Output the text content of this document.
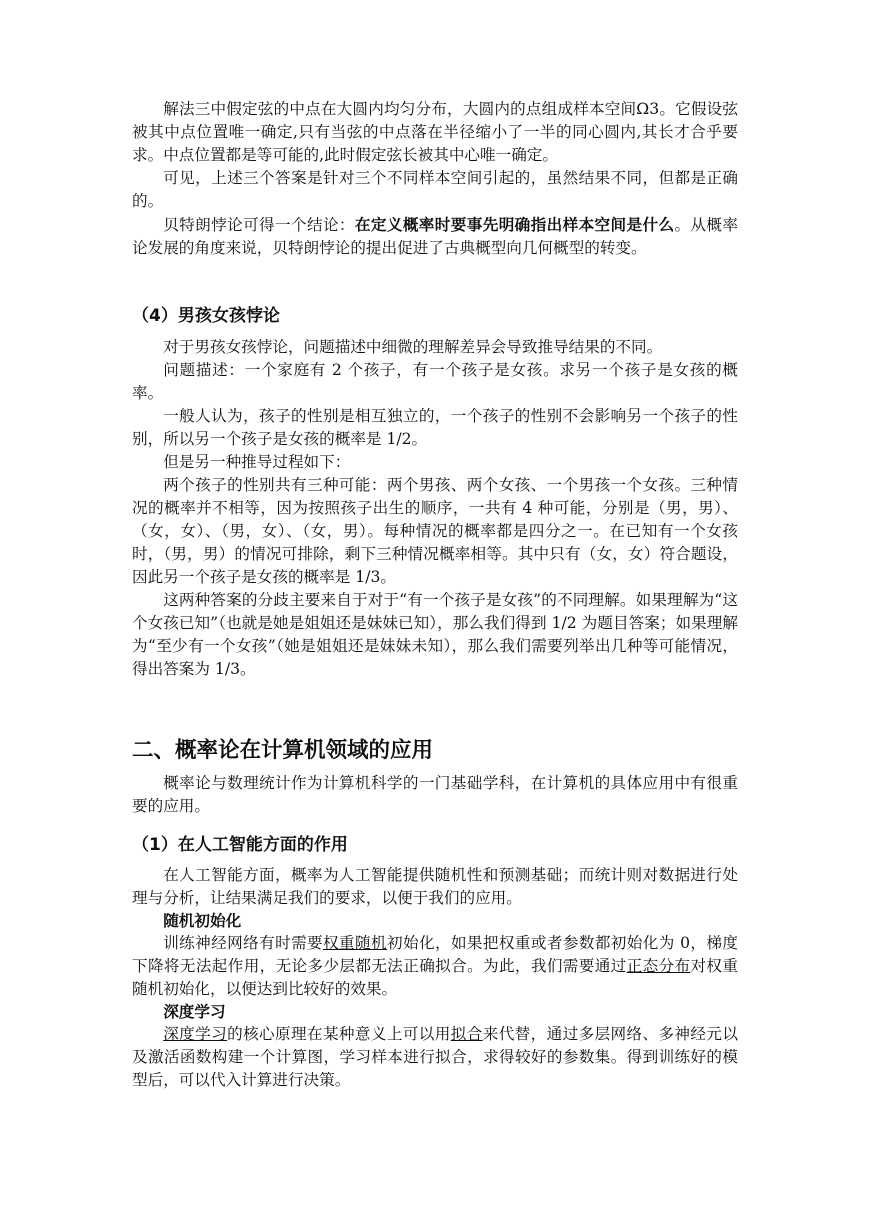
解法三中假定弦的中点在大圆内均匀分布，大圆内的点组成样本空间Ω3。它假设弦被其中点位置唯一确定,只有当弦的中点落在半径缩小了一半的同心圆内,其长才合乎要求。中点位置都是等可能的,此时假定弦长被其中心唯一确定。

可见，上述三个答案是针对三个不同样本空间引起的，虽然结果不同，但都是正确的。

贝特朗悖论可得一个结论：在定义概率时要事先明确指出样本空间是什么。从概率论发展的角度来说，贝特朗悖论的提出促进了古典概型向几何概型的转变。

（4）男孩女孩悖论

对于男孩女孩悖论，问题描述中细微的理解差异会导致推导结果的不同。

问题描述：一个家庭有 2 个孩子，有一个孩子是女孩。求另一个孩子是女孩的概率。

一般人认为，孩子的性别是相互独立的，一个孩子的性别不会影响另一个孩子的性别，所以另一个孩子是女孩的概率是 1/2。

但是另一种推导过程如下：

两个孩子的性别共有三种可能：两个男孩、两个女孩、一个男孩一个女孩。三种情况的概率并不相等，因为按照孩子出生的顺序，一共有 4 种可能，分别是（男，男）、（女，女）、（男，女）、（女，男）。每种情况的概率都是四分之一。在已知有一个女孩时，（男，男）的情况可排除，剩下三种情况概率相等。其中只有（女，女）符合题设，因此另一个孩子是女孩的概率是 1/3。

这两种答案的分歧主要来自于对于“有一个孩子是女孩”的不同理解。如果理解为“这个女孩已知”（也就是她是姐姐还是妹妹已知），那么我们得到 1/2 为题目答案；如果理解为“至少有一个女孩”（她是姐姐还是妹妹未知），那么我们需要列举出几种等可能情况，得出答案为 1/3。

二、概率论在计算机领域的应用

概率论与数理统计作为计算机科学的一门基础学科，在计算机的具体应用中有很重要的应用。

（1）在人工智能方面的作用

在人工智能方面，概率为人工智能提供随机性和预测基础；而统计则对数据进行处理与分析，让结果满足我们的要求，以便于我们的应用。

随机初始化

训练神经网络有时需要权重随机初始化，如果把权重或者参数都初始化为 0，梯度下降将无法起作用，无论多少层都无法正确拟合。为此，我们需要通过正态分布对权重随机初始化，以便达到比较好的效果。

深度学习

深度学习的核心原理在某种意义上可以用拟合来代替，通过多层网络、多神经元以及激活函数构建一个计算图，学习样本进行拟合，求得较好的参数集。得到训练好的模型后，可以代入计算进行决策。
